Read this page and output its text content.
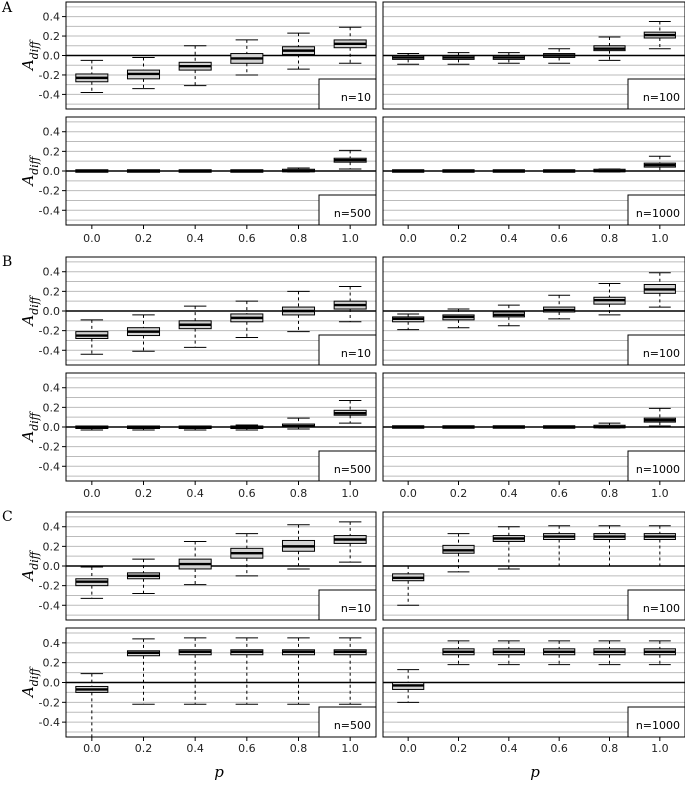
n=10
0.4
0.2
0.0
-0.2
-0.4
$A_{diff}$
n=100
n=500
0.4
0.2
0.0
-0.2
-0.4
$A_{diff}$
0.0	0.2	0.4	0.6	0.8	1.0
n=1000
0.0	0.2	0.4	0.6	0.8	1.0
n=10
0.4
0.2
0.0
-0.2
-0.4
$A_{diff}$
n=100
n=500
0.4
0.2
0.0
-0.2
-0.4
$A_{diff}$
0.0	0.2	0.4	0.6	0.8	1.0
n=1000
0.0	0.2	0.4	0.6	0.8	1.0
n=10
0.4
0.2
0.0
-0.2
-0.4
$A_{diff}$
n=100
n=500
0.4
0.2
0.0
-0.2
-0.4
$A_{diff}$
0.0	0.2	0.4	0.6	0.8	1.0
n=1000
0.0	0.2	0.4	0.6	0.8	1.0
A
B
C
p	p
